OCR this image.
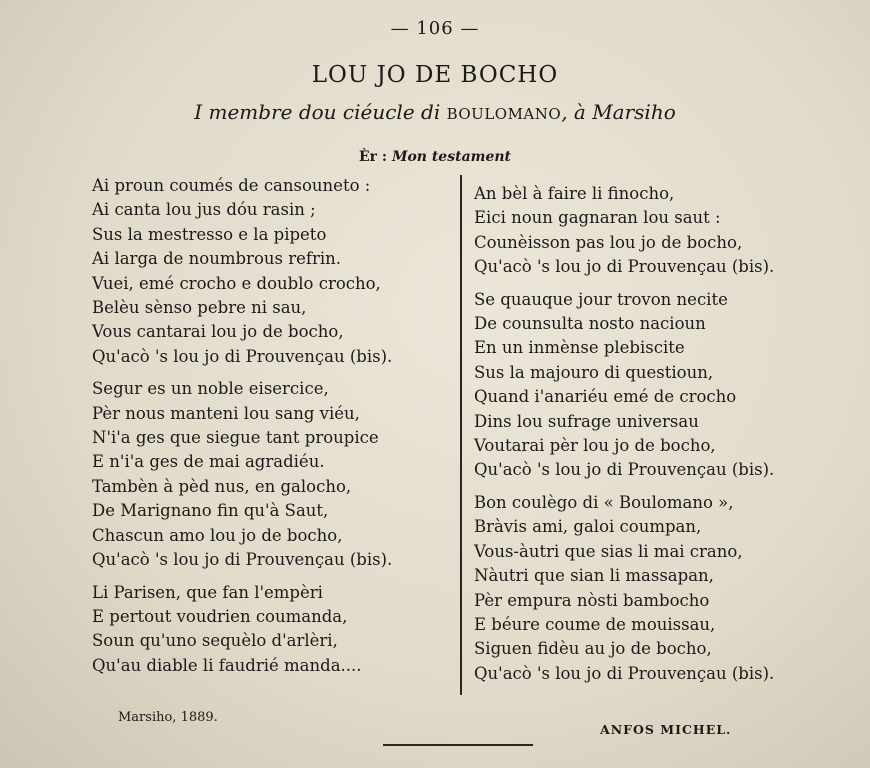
— 106 —
LOU JO DE BOCHO
I membre dou ciéucle di BOULOMANO, à Marsiho
Èr : Mon testament
Ai proun coumés de cansouneto :
Ai canta lou jus dóu rasin ;
Sus la mestresso e la pipeto
Ai larga de noumbrous refrin.
Vuei, emé crocho e doublo crocho,
Belèu sènso pebre ni sau,
Vous cantarai lou jo de bocho,
Qu'acò 's lou jo di Prouvençau (bis).
Segur es un noble eisercice,
Pèr nous manteni lou sang viéu,
N'i'a ges que siegue tant proupice
E n'i'a ges de mai agradiéu.
Tambèn à pèd nus, en galocho,
De Marignano fin qu'à Saut,
Chascun amo lou jo de bocho,
Qu'acò 's lou jo di Prouvençau (bis).
Li Parisen, que fan l'empèri
E pertout voudrien coumanda,
Soun qu'uno sequèlo d'arlèri,
Qu'au diable li faudrié manda....
An bèl à faire li finocho,
Eici noun gagnaran lou saut :
Counèisson pas lou jo de bocho,
Qu'acò 's lou jo di Prouvençau (bis).
Se quauque jour trovon necite
De counsulta nosto nacioun
En un inmènse plebiscite
Sus la majouro di questioun,
Quand i'anariéu emé de crocho
Dins lou sufrage universau
Voutarai pèr lou jo de bocho,
Qu'acò 's lou jo di Prouvençau (bis).
Bon coulègo di « Boulomano »,
Bràvis ami, galoi coumpan,
Vous-àutri que sias li mai crano,
Nàutri que sian li massapan,
Pèr empura nòsti bambocho
E béure coume de mouissau,
Siguen fidèu au jo de bocho,
Qu'acò 's lou jo di Prouvençau (bis).
Marsiho, 1889.
ANFOS MICHEL.
